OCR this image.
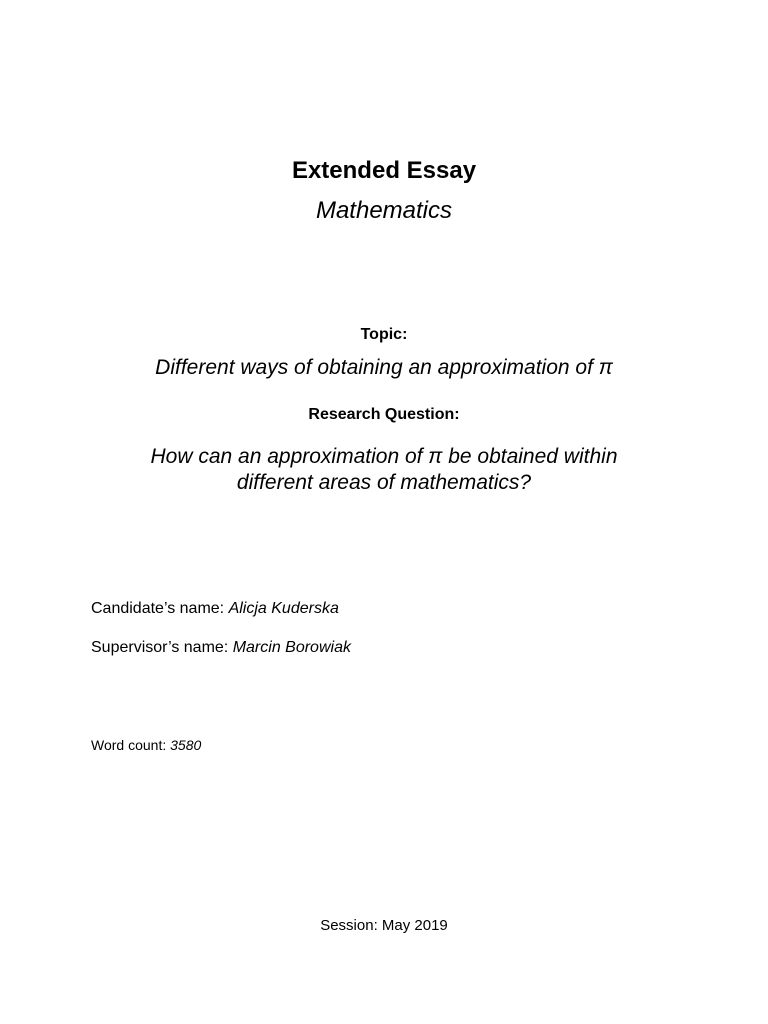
Extended Essay
Mathematics
Topic:
Different ways of obtaining an approximation of π
Research Question:
How can an approximation of π be obtained within
different areas of mathematics?
Candidate’s name: Alicja Kuderska
Supervisor’s name: Marcin Borowiak
Word count: 3580
Session: May 2019
